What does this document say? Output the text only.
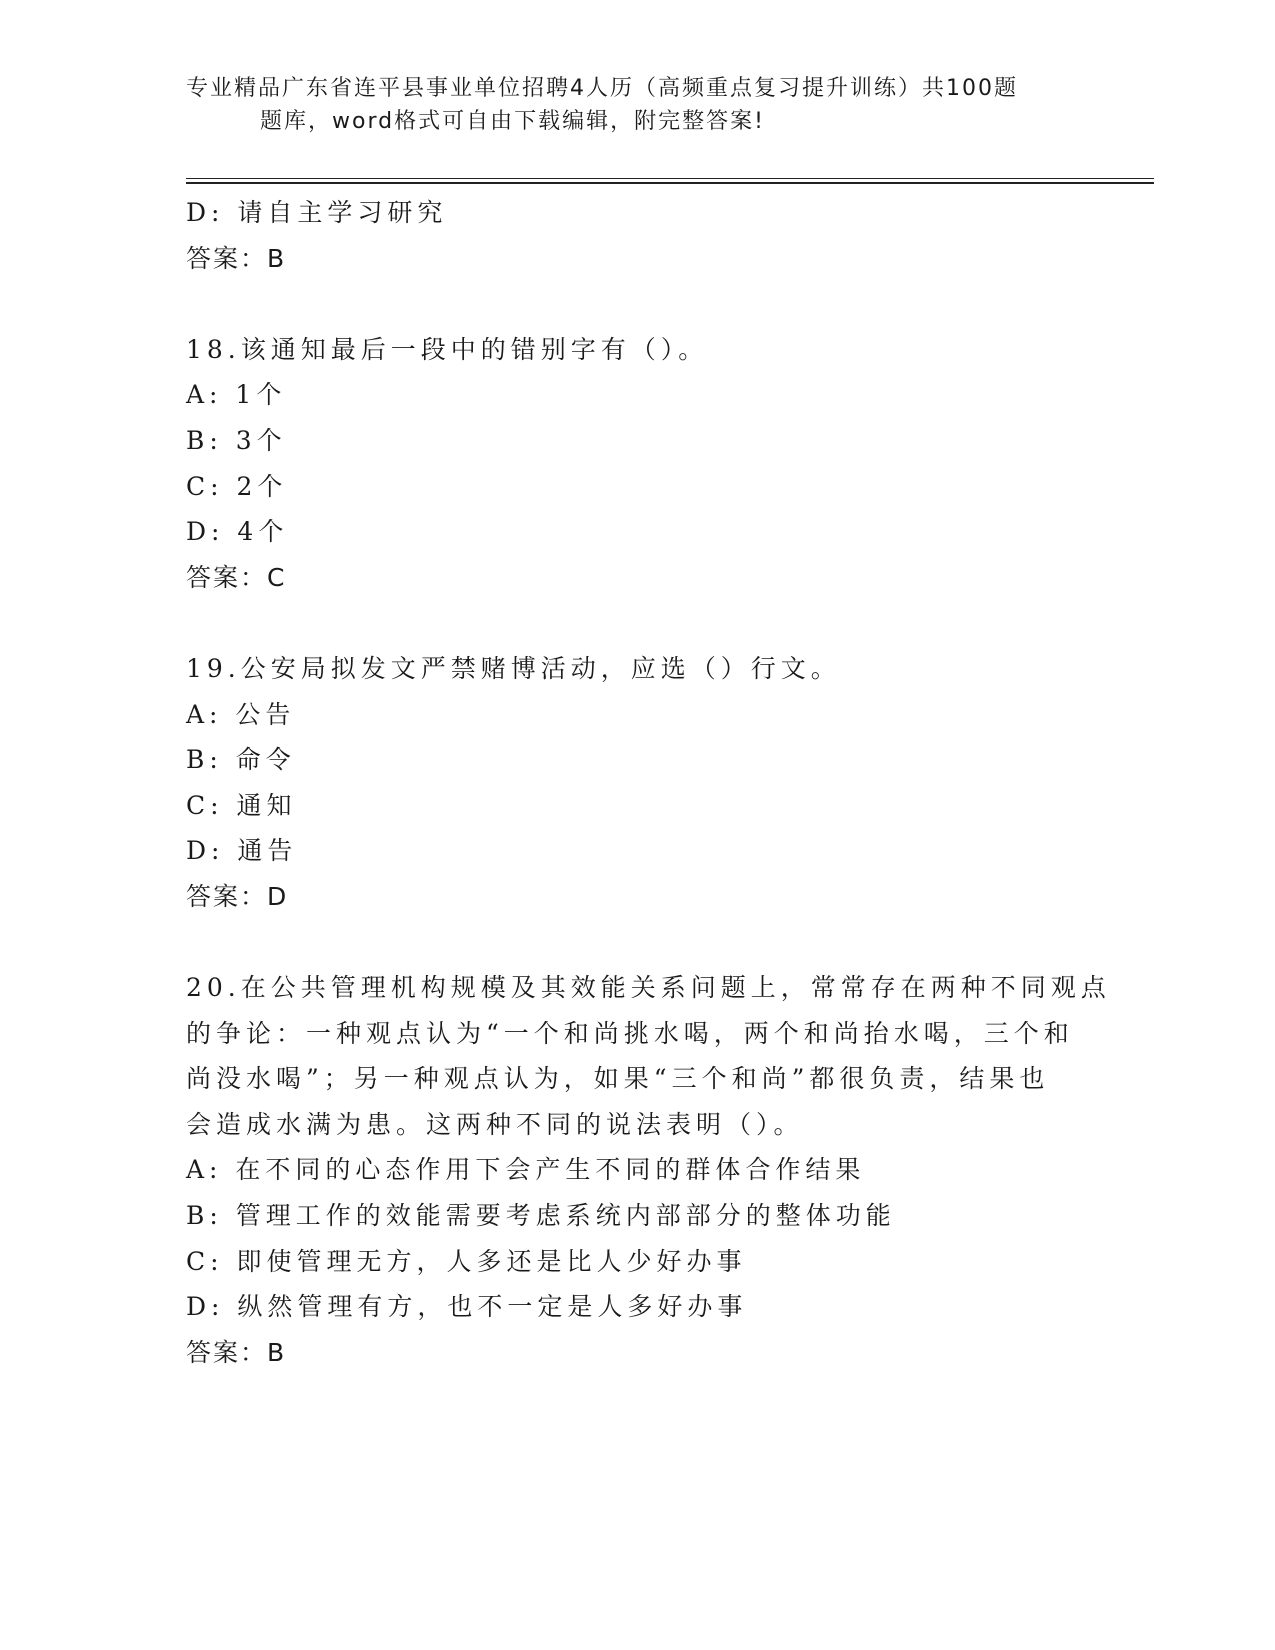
专业精品广东省连平县事业单位招聘4人历（高频重点复习提升训练）共100题
题库，word格式可自由下载编辑，附完整答案!
D: 请自主学习研究
答案：B
18.该通知最后一段中的错别字有（）。
A: 1个
B: 3个
C: 2个
D: 4个
答案：C
19.公安局拟发文严禁赌博活动，应选（）行文。
A: 公告
B: 命令
C: 通知
D: 通告
答案：D
20.在公共管理机构规模及其效能关系问题上，常常存在两种不同观点
的争论：一种观点认为“一个和尚挑水喝，两个和尚抬水喝，三个和
尚没水喝”；另一种观点认为，如果“三个和尚”都很负责，结果也
会造成水满为患。这两种不同的说法表明（）。
A: 在不同的心态作用下会产生不同的群体合作结果
B: 管理工作的效能需要考虑系统内部部分的整体功能
C: 即使管理无方，人多还是比人少好办事
D: 纵然管理有方，也不一定是人多好办事
答案：B
